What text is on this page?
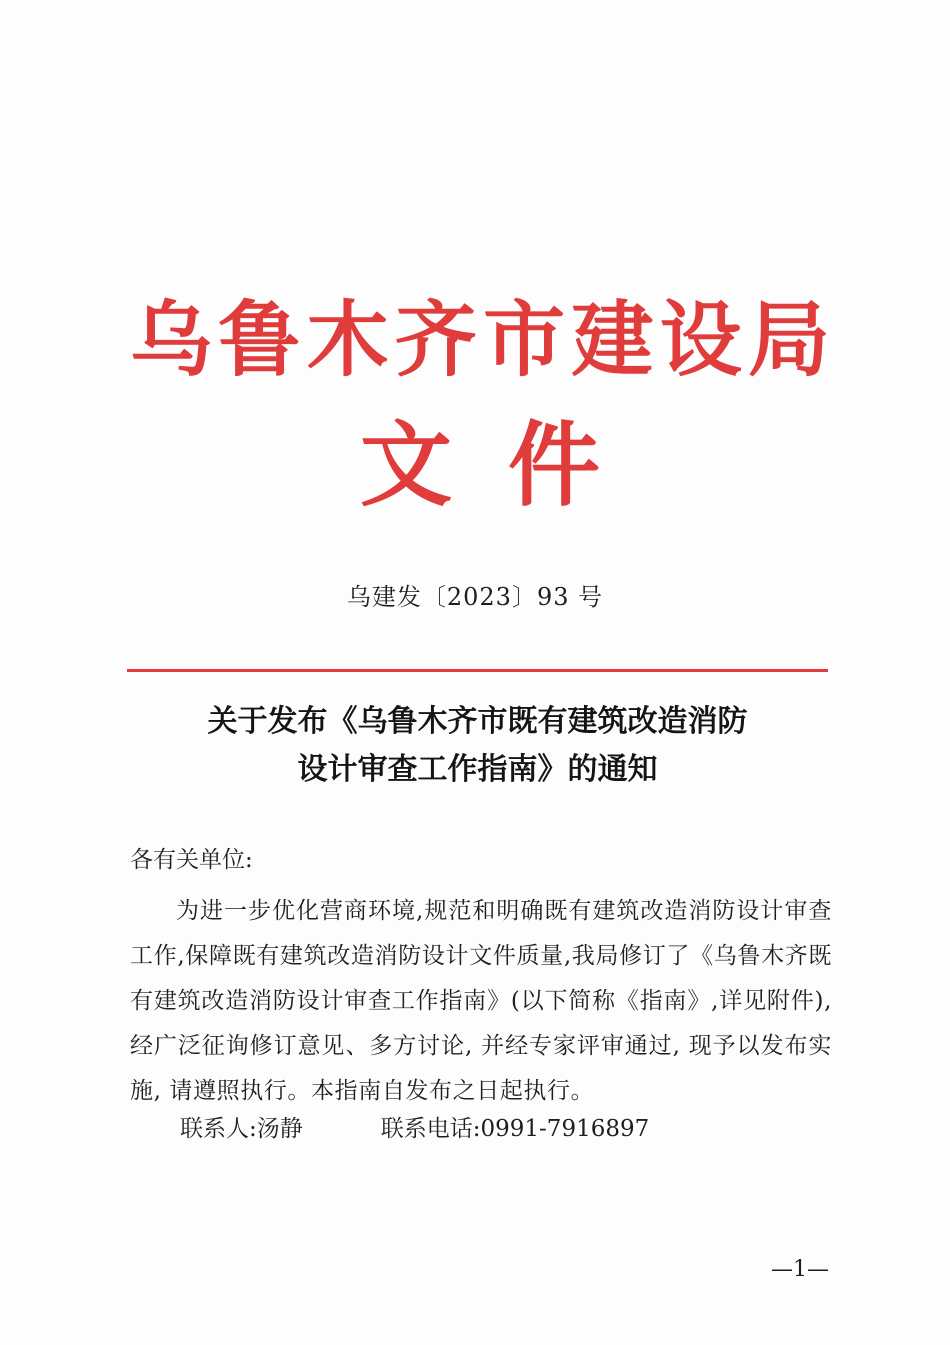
乌 鲁 木 齐 市 建 设 局
文 件
乌建发〔2023〕93 号
关于发布《乌鲁木齐市既有建筑改造消防
设计审查工作指南》的通知
各有关单位:
为进一步优化营商环境,规范和明确既有建筑改造消防设计审查工作,保障既有建筑改造消防设计文件质量,我局修订了《乌鲁木齐既有建筑改造消防设计审查工作指南》(以下简称《指南》,详见附件), 经广泛征询修订意见、多方讨论, 并经专家评审通过, 现予以发布实施, 请遵照执行。本指南自发布之日起执行。
联系人:汤静	联系电话:0991-7916897
—1—
